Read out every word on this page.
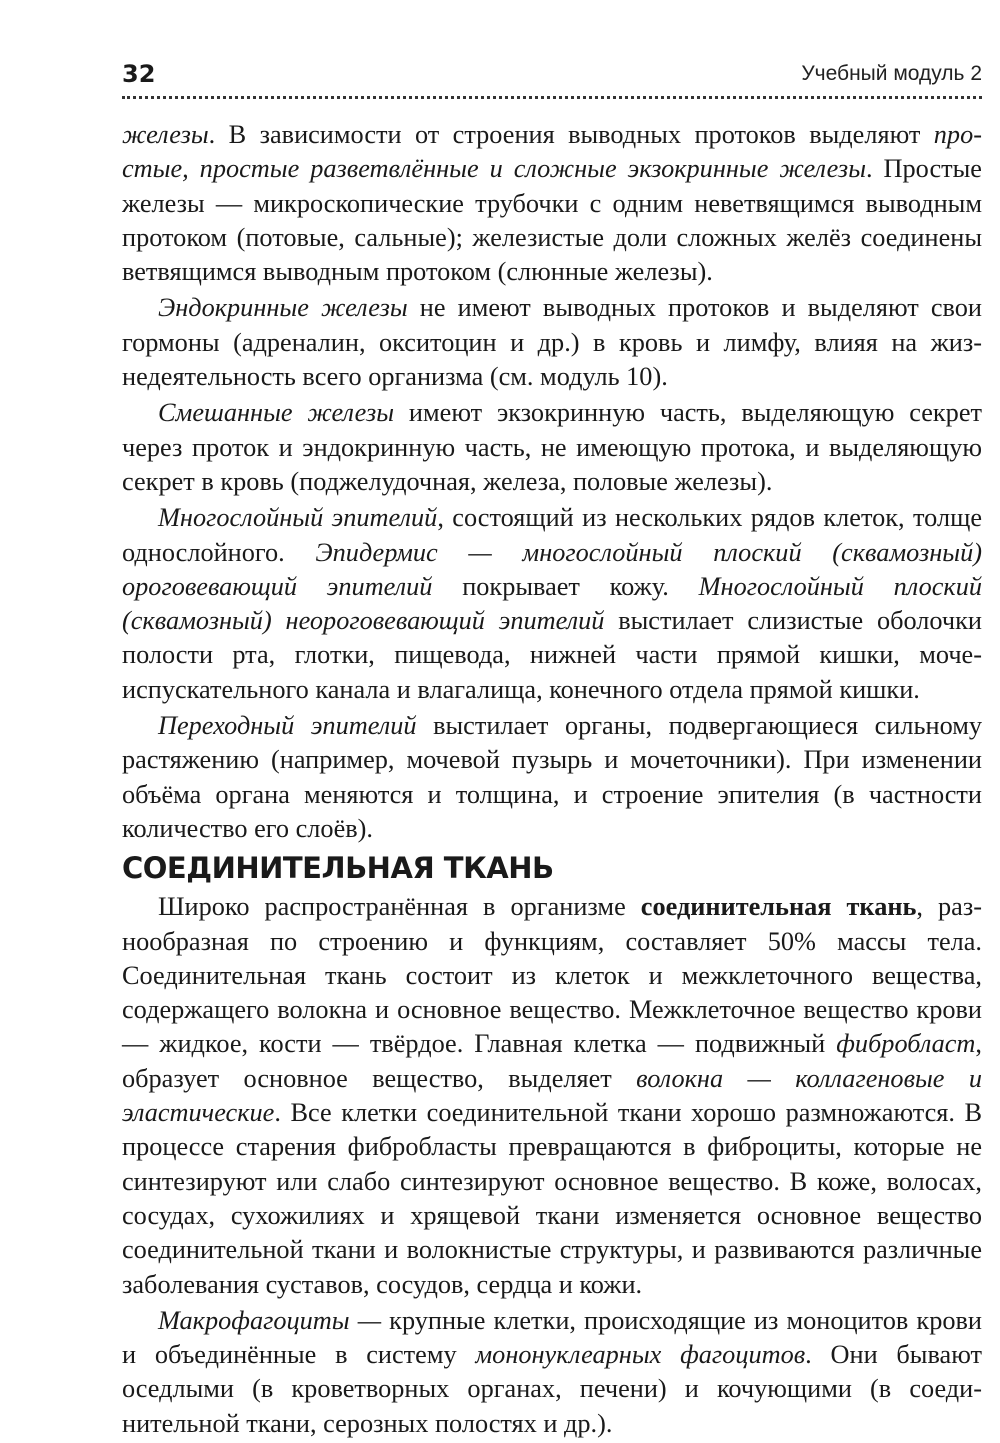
32	Учебный модуль 2

железы. В зависимости от строения выводных протоков выделяют простые, простые разветвлённые и сложные экзокринные железы. Простые железы — микроскопические трубочки с одним неветвящимся выводным протоком (потовые, сальные); железистые доли сложных желёз соединены ветвящимся выводным протоком (слюнные железы).

Эндокринные железы не имеют выводных протоков и выделяют свои гормоны (адреналин, окситоцин и др.) в кровь и лимфу, влияя на жизнедеятельность всего организма (см. модуль 10).

Смешанные железы имеют экзокринную часть, выделяющую секрет через проток и эндокринную часть, не имеющую протока, и выделяющую секрет в кровь (поджелудочная, железа, половые железы).

Многослойный эпителий, состоящий из нескольких рядов клеток, толще однослойного. Эпидермис — многослойный плоский (сквамозный) ороговевающий эпителий покрывает кожу. Многослойный плоский (сквамозный) неороговевающий эпителий выстилает слизистые оболочки полости рта, глотки, пищевода, нижней части прямой кишки, мочеиспускательного канала и влагалища, конечного отдела прямой кишки.

Переходный эпителий выстилает органы, подвергающиеся сильному растяжению (например, мочевой пузырь и мочеточники). При изменении объёма органа меняются и толщина, и строение эпителия (в частности количество его слоёв).

СОЕДИНИТЕЛЬНАЯ ТКАНЬ

Широко распространённая в организме соединительная ткань, разнообразная по строению и функциям, составляет 50% массы тела. Соединительная ткань состоит из клеток и межклеточного вещества, содержащего волокна и основное вещество. Межклеточное вещество крови — жидкое, кости — твёрдое. Главная клетка — подвижный фибробласт, образует основное вещество, выделяет волокна — коллагеновые и эластические. Все клетки соединительной ткани хорошо размножаются. В процессе старения фибробласты превращаются в фиброциты, которые не синтезируют или слабо синтезируют основное вещество. В коже, волосах, сосудах, сухожилиях и хрящевой ткани изменяется основное вещество соединительной ткани и волокнистые структуры, и развиваются различные заболевания суставов, сосудов, сердца и кожи.

Макрофагоциты — крупные клетки, происходящие из моноцитов крови и объединённые в систему мононуклеарных фагоцитов. Они бывают оседлыми (в кроветворных органах, печени) и кочующими (в соединительной ткани, серозных полостях и др.).
